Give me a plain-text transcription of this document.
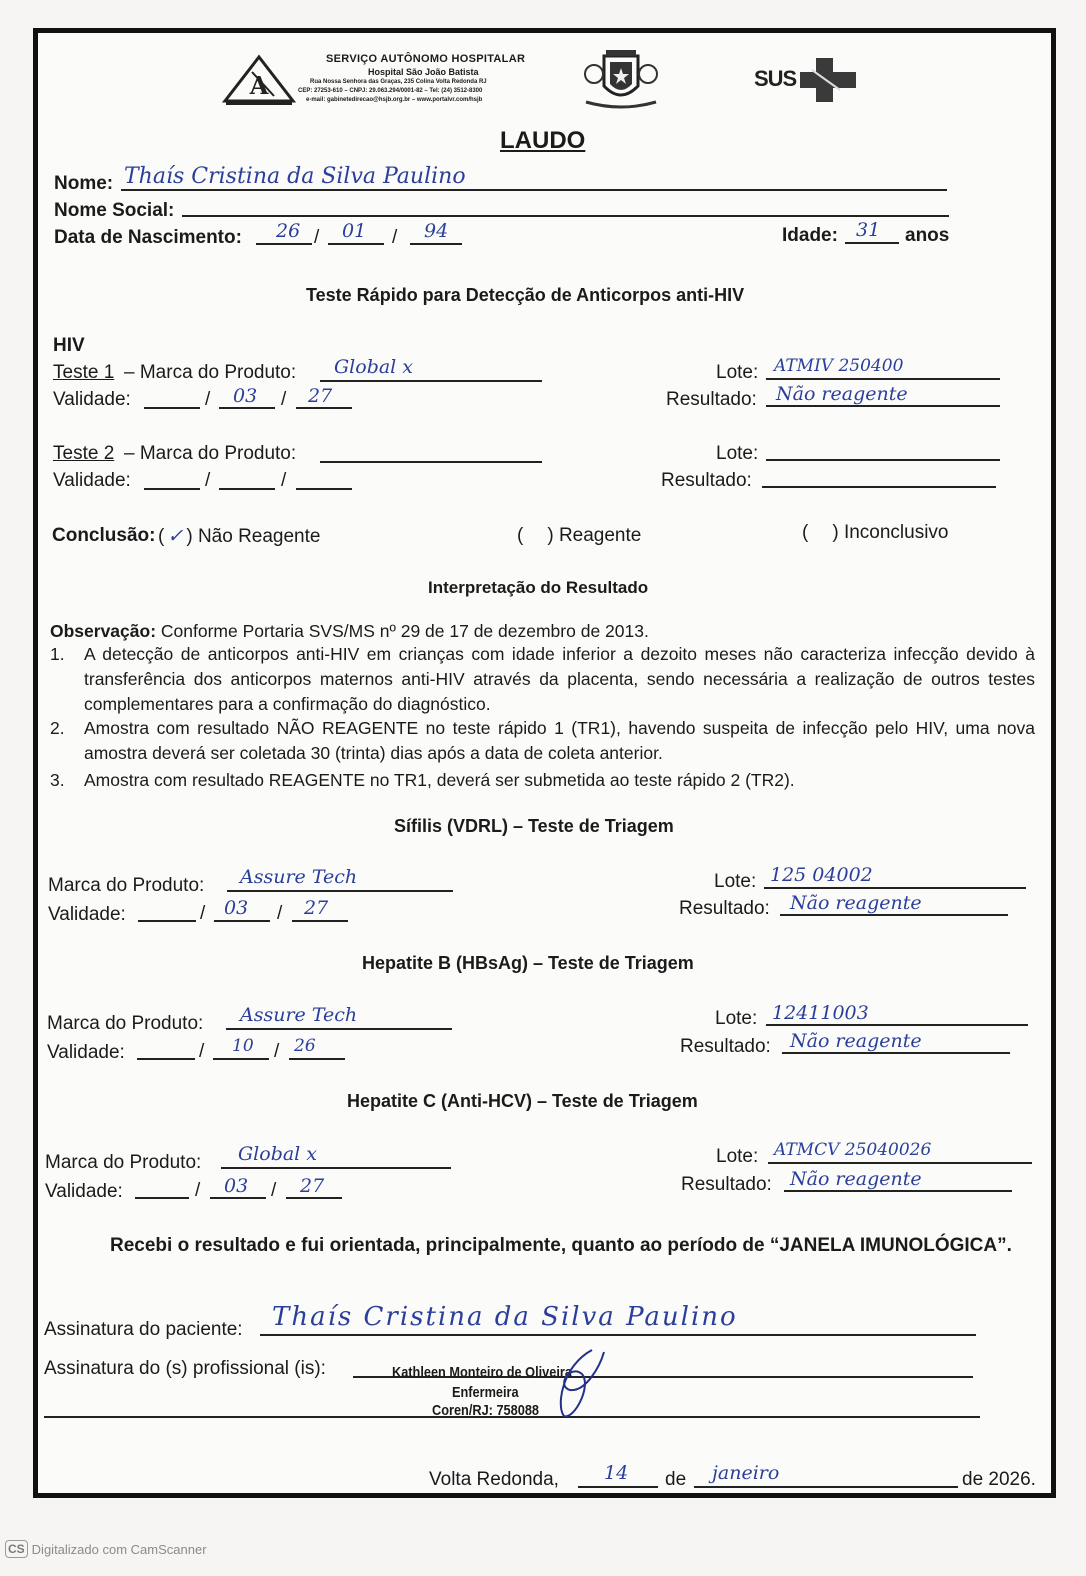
A
SERVIÇO AUTÔNOMO HOSPITALAR
Hospital São João Batista
Rua Nossa Senhora das Graças, 235 Colina Volta Redonda RJ
CEP: 27253-610 – CNPJ: 29.063.294/0001-82 – Tel: (24) 3512-8300
e-mail: gabinetedirecao@hsjb.org.br – www.portalvr.com/hsjb
SUS
LAUDO
Nome: Thaís Cristina da Silva Paulino
Nome Social:
Data de Nascimento: 26 / 01 / 94	Idade: 31 anos
Teste Rápido para Detecção de Anticorpos anti-HIV
HIV
Teste 1 – Marca do Produto: Global x
Validade:	/ 03 / 27
Lote: ATMIV 250400
Resultado: Não reagente
Teste 2 – Marca do Produto:
Validade:	/	/
Lote:
Resultado:
Conclusão: ( ✓ ) Não Reagente	( ) Reagente	( ) Inconclusivo
Interpretação do Resultado
Observação: Conforme Portaria SVS/MS nº 29 de 17 de dezembro de 2013.
1. A detecção de anticorpos anti-HIV em crianças com idade inferior a dezoito meses não caracteriza infecção devido à transferência dos anticorpos maternos anti-HIV através da placenta, sendo necessária a realização de outros testes complementares para a confirmação do diagnóstico.
2. Amostra com resultado NÃO REAGENTE no teste rápido 1 (TR1), havendo suspeita de infecção pelo HIV, uma nova amostra deverá ser coletada 30 (trinta) dias após a data de coleta anterior.
3. Amostra com resultado REAGENTE no TR1, deverá ser submetida ao teste rápido 2 (TR2).
Sífilis (VDRL) – Teste de Triagem
Marca do Produto: Assure Tech
Validade:	/ 03 / 27
Lote: 125 04002
Resultado: Não reagente
Hepatite B (HBsAg) – Teste de Triagem
Marca do Produto: Assure Tech
Validade:	/ 10 / 26
Lote: 12411003
Resultado: Não reagente
Hepatite C (Anti-HCV) – Teste de Triagem
Marca do Produto: Global x
Validade:	/ 03 / 27
Lote: ATMCV 25040026
Resultado: Não reagente
Recebi o resultado e fui orientada, principalmente, quanto ao período de “JANELA IMUNOLÓGICA”.
Assinatura do paciente: Thaís Cristina da Silva Paulino
Assinatura do (s) profissional (is):	Kathleen Monteiro de Oliveira
Enfermeira
Coren/RJ: 758088
Volta Redonda, 14 de janeiro	de 2026.
CS Digitalizado com CamScanner
